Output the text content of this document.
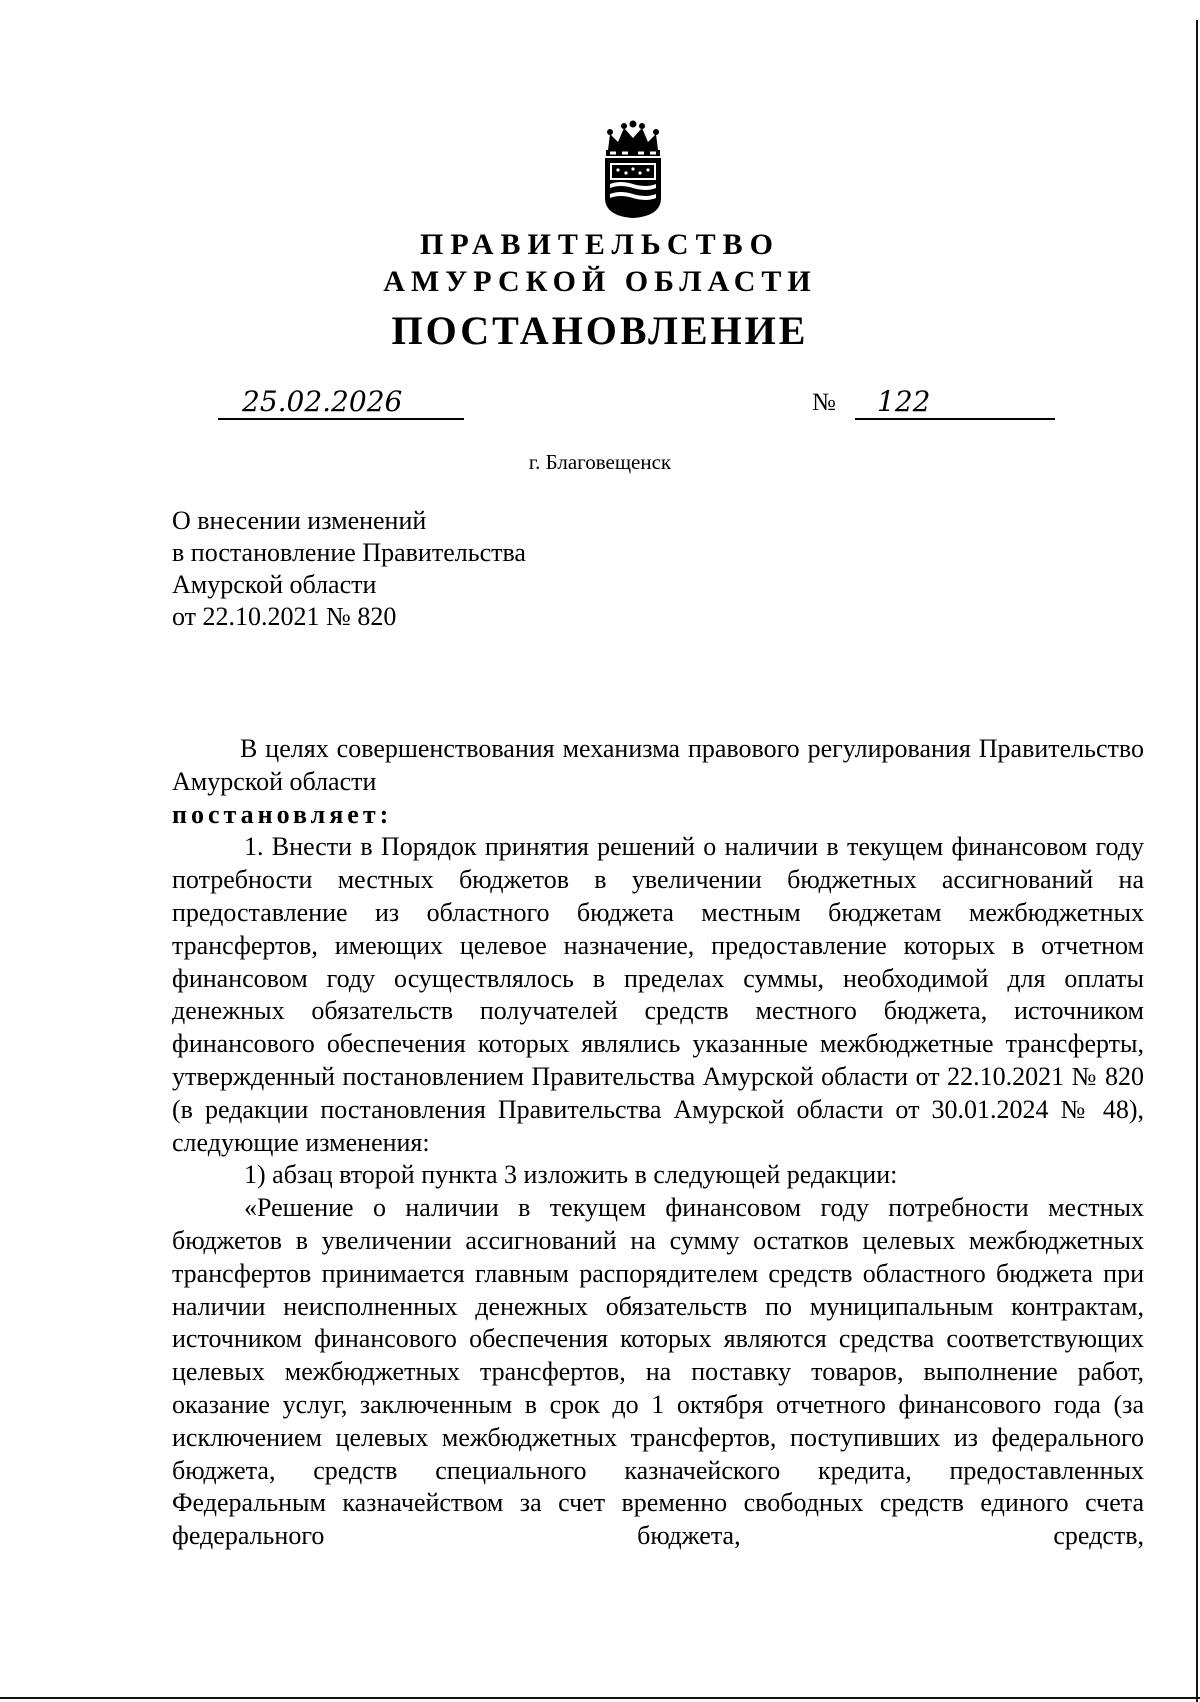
ПРАВИТЕЛЬСТВО

АМУРСКОЙ ОБЛАСТИ

ПОСТАНОВЛЕНИЕ

25.02.2026	№	122

г. Благовещенск

О внесении изменений
в постановление Правительства
Амурской области
от 22.10.2021 № 820

В целях совершенствования механизма правового регулирования Правительство Амурской области

постановляет:

1. Внести в Порядок принятия решений о наличии в текущем финансовом году потребности местных бюджетов в увеличении бюджетных ассигнований на предоставление из областного бюджета местным бюджетам межбюджетных трансфертов, имеющих целевое назначение, предоставление которых в отчетном финансовом году осуществлялось в пределах суммы, необходимой для оплаты денежных обязательств получателей средств местного бюджета, источником финансового обеспечения которых являлись указанные межбюджетные трансферты, утвержденный постановлением Правительства Амурской области от 22.10.2021 № 820 (в редакции постановления Правительства Амурской области от 30.01.2024 № 48), следующие изменения:

1) абзац второй пункта 3 изложить в следующей редакции:

«Решение о наличии в текущем финансовом году потребности местных бюджетов в увеличении ассигнований на сумму остатков целевых межбюджетных трансфертов принимается главным распорядителем средств областного бюджета при наличии неисполненных денежных обязательств по муниципальным контрактам, источником финансового обеспечения которых являются средства соответствующих целевых межбюджетных трансфертов, на поставку товаров, выполнение работ, оказание услуг, заключенным в срок до 1 октября отчетного финансового года (за исключением целевых межбюджетных трансфертов, поступивших из федерального бюджета, средств специального казначейского кредита, предоставленных Федеральным казначейством за счет временно свободных средств единого счета федерального бюджета, средств,
